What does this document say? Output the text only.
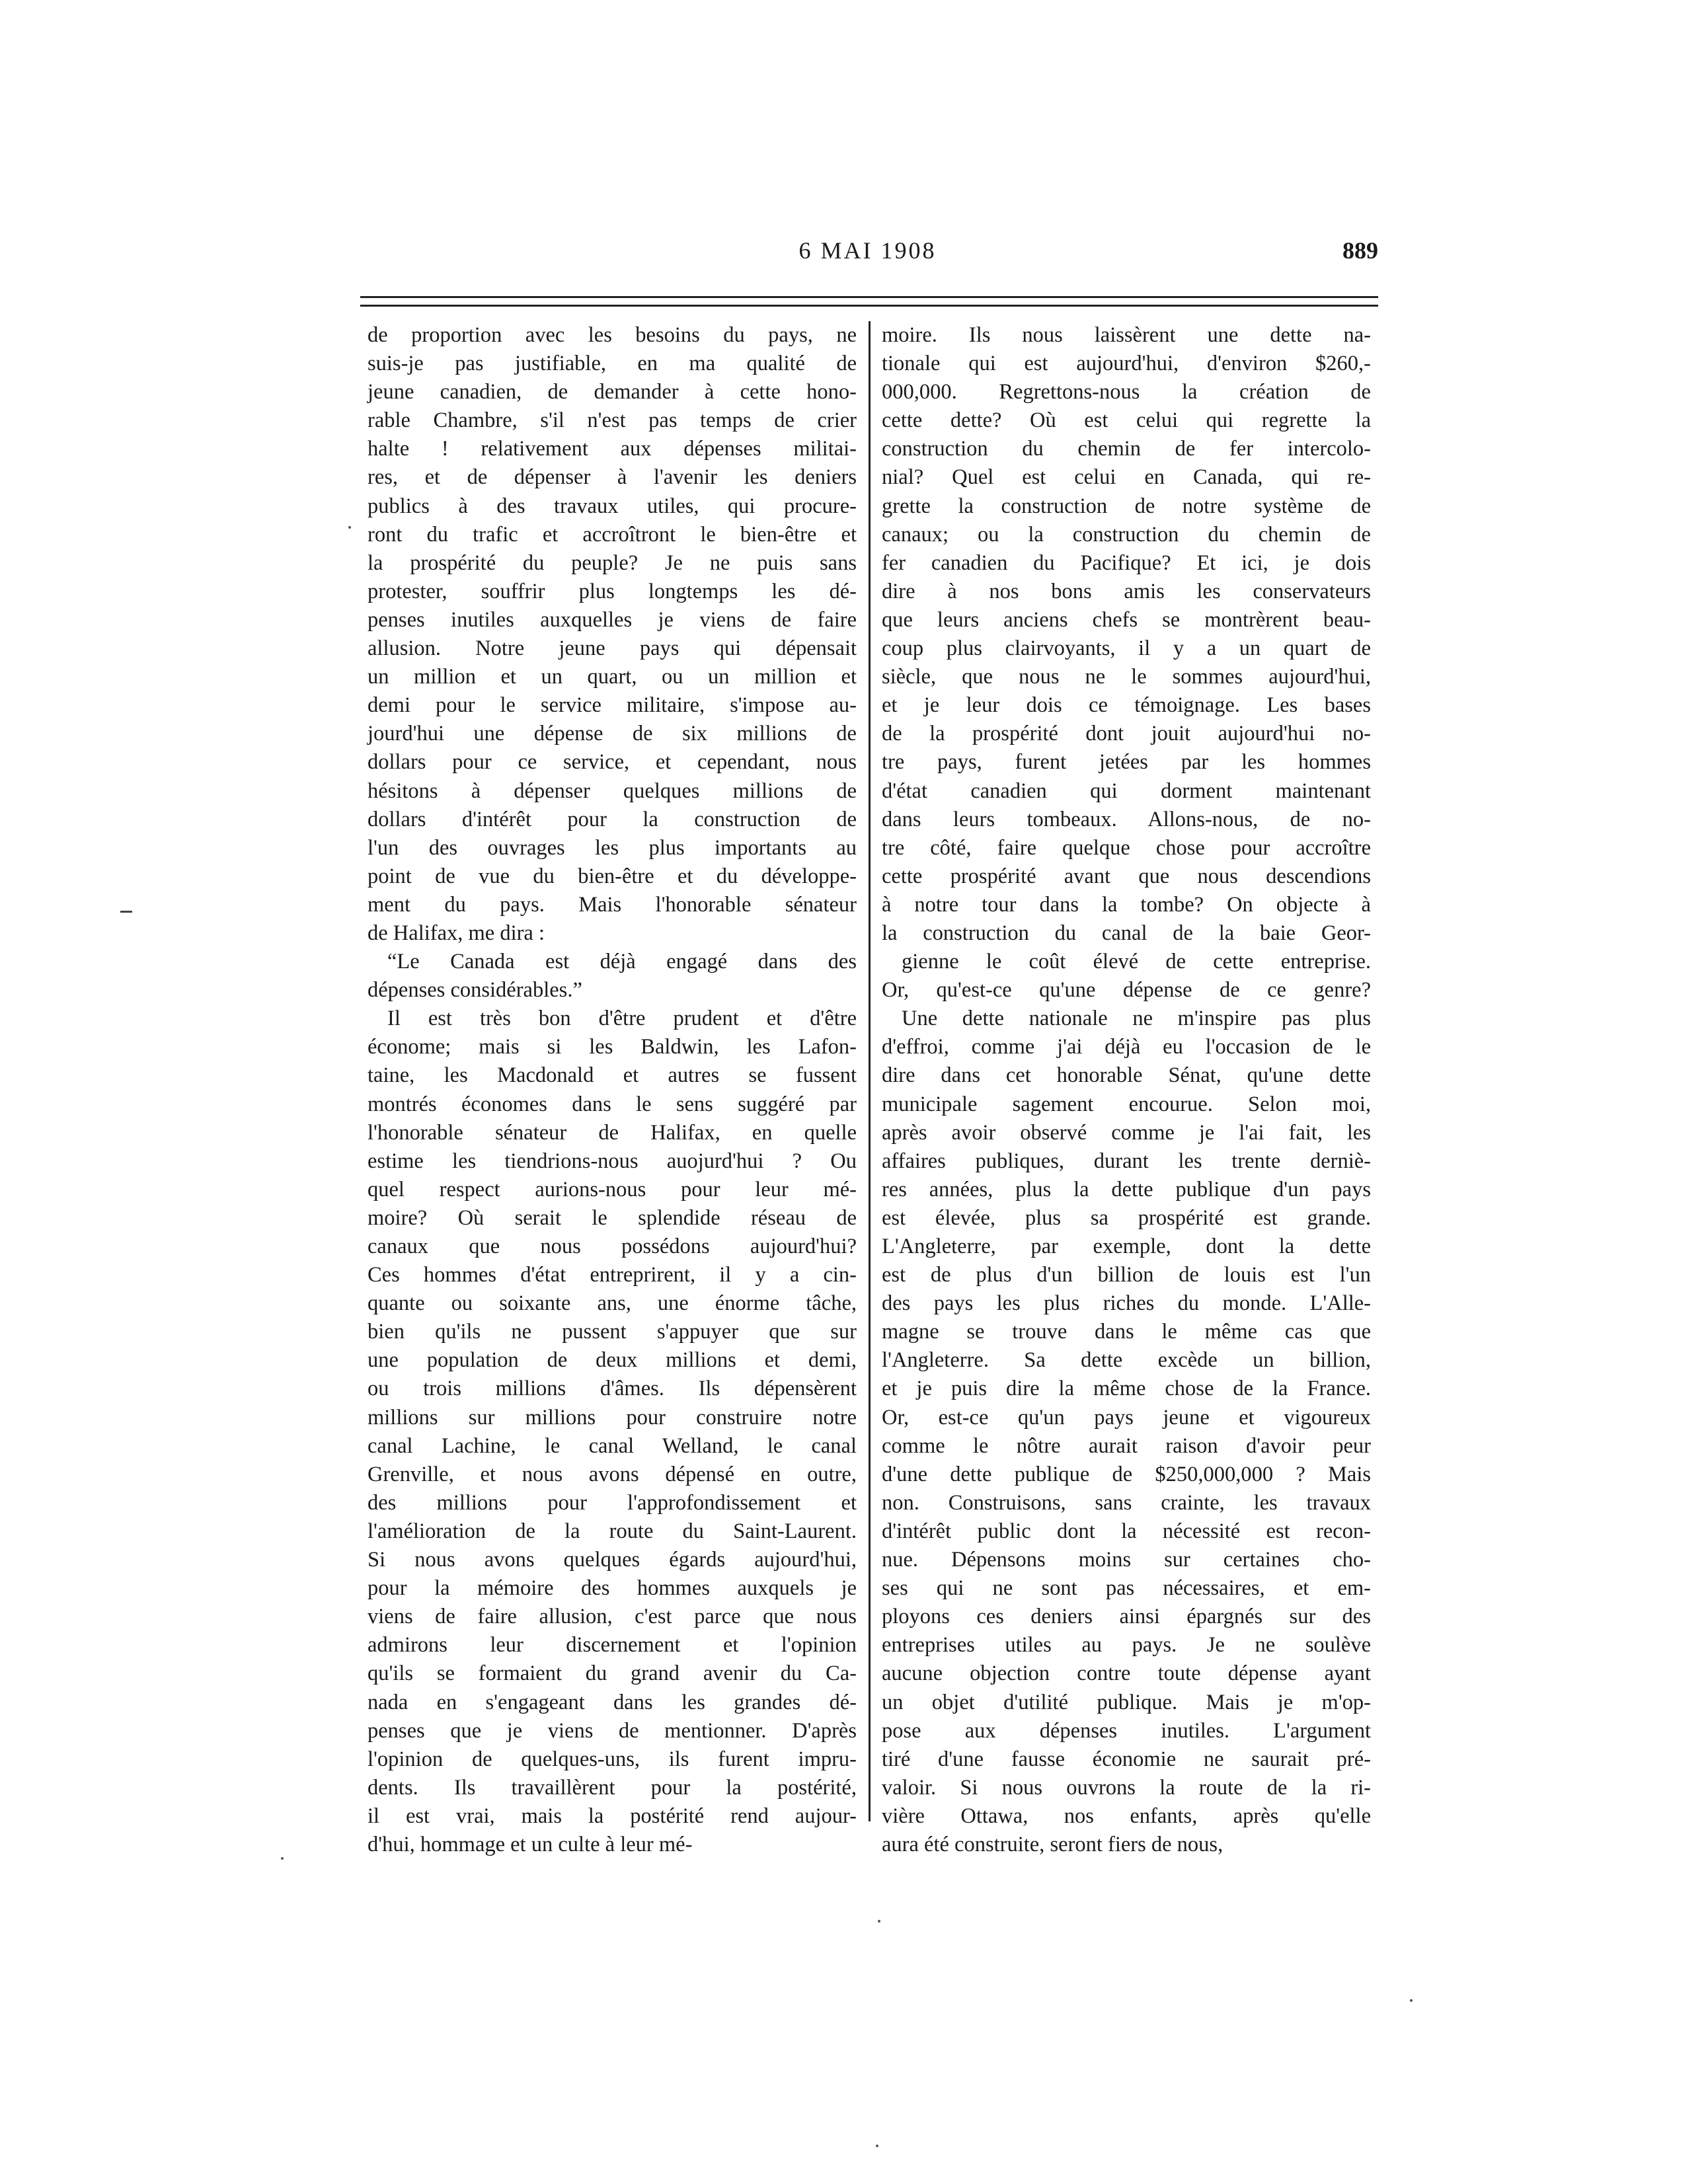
6 MAI 1908	889
de proportion avec les besoins du pays, ne
suis-je pas justifiable, en ma qualité de
jeune canadien, de demander à cette hono-
rable Chambre, s'il n'est pas temps de crier
halte ! relativement aux dépenses militai-
res, et de dépenser à l'avenir les deniers
publics à des travaux utiles, qui procure-
ront du trafic et accroîtront le bien-être et
la prospérité du peuple? Je ne puis sans
protester, souffrir plus longtemps les dé-
penses inutiles auxquelles je viens de faire
allusion. Notre jeune pays qui dépensait
un million et un quart, ou un million et
demi pour le service militaire, s'impose au-
jourd'hui une dépense de six millions de
dollars pour ce service, et cependant, nous
hésitons à dépenser quelques millions de
dollars d'intérêt pour la construction de
l'un des ouvrages les plus importants au
point de vue du bien-être et du développe-
ment du pays. Mais l'honorable sénateur
de Halifax, me dira :
“Le Canada est déjà engagé dans des
dépenses considérables.”
Il est très bon d'être prudent et d'être
économe; mais si les Baldwin, les Lafon-
taine, les Macdonald et autres se fussent
montrés économes dans le sens suggéré par
l'honorable sénateur de Halifax, en quelle
estime les tiendrions-nous auojurd'hui ? Ou
quel respect aurions-nous pour leur mé-
moire? Où serait le splendide réseau de
canaux que nous possédons aujourd'hui?
Ces hommes d'état entreprirent, il y a cin-
quante ou soixante ans, une énorme tâche,
bien qu'ils ne pussent s'appuyer que sur
une population de deux millions et demi,
ou trois millions d'âmes. Ils dépensèrent
millions sur millions pour construire notre
canal Lachine, le canal Welland, le canal
Grenville, et nous avons dépensé en outre,
des millions pour l'approfondissement et
l'amélioration de la route du Saint-Laurent.
Si nous avons quelques égards aujourd'hui,
pour la mémoire des hommes auxquels je
viens de faire allusion, c'est parce que nous
admirons leur discernement et l'opinion
qu'ils se formaient du grand avenir du Ca-
nada en s'engageant dans les grandes dé-
penses que je viens de mentionner. D'après
l'opinion de quelques-uns, ils furent impru-
dents. Ils travaillèrent pour la postérité,
il est vrai, mais la postérité rend aujour-
d'hui, hommage et un culte à leur mé-
moire. Ils nous laissèrent une dette na-
tionale qui est aujourd'hui, d'environ $260,-
000,000. Regrettons-nous la création de
cette dette? Où est celui qui regrette la
construction du chemin de fer intercolo-
nial? Quel est celui en Canada, qui re-
grette la construction de notre système de
canaux; ou la construction du chemin de
fer canadien du Pacifique? Et ici, je dois
dire à nos bons amis les conservateurs
que leurs anciens chefs se montrèrent beau-
coup plus clairvoyants, il y a un quart de
siècle, que nous ne le sommes aujourd'hui,
et je leur dois ce témoignage. Les bases
de la prospérité dont jouit aujourd'hui no-
tre pays, furent jetées par les hommes
d'état canadien qui dorment maintenant
dans leurs tombeaux. Allons-nous, de no-
tre côté, faire quelque chose pour accroître
cette prospérité avant que nous descendions
à notre tour dans la tombe? On objecte à
la construction du canal de la baie Geor-
gienne le coût élevé de cette entreprise.
Or, qu'est-ce qu'une dépense de ce genre?
Une dette nationale ne m'inspire pas plus
d'effroi, comme j'ai déjà eu l'occasion de le
dire dans cet honorable Sénat, qu'une dette
municipale sagement encourue. Selon moi,
après avoir observé comme je l'ai fait, les
affaires publiques, durant les trente derniè-
res années, plus la dette publique d'un pays
est élevée, plus sa prospérité est grande.
L'Angleterre, par exemple, dont la dette
est de plus d'un billion de louis est l'un
des pays les plus riches du monde. L'Alle-
magne se trouve dans le même cas que
l'Angleterre. Sa dette excède un billion,
et je puis dire la même chose de la France.
Or, est-ce qu'un pays jeune et vigoureux
comme le nôtre aurait raison d'avoir peur
d'une dette publique de $250,000,000 ? Mais
non. Construisons, sans crainte, les travaux
d'intérêt public dont la nécessité est recon-
nue. Dépensons moins sur certaines cho-
ses qui ne sont pas nécessaires, et em-
ployons ces deniers ainsi épargnés sur des
entreprises utiles au pays. Je ne soulève
aucune objection contre toute dépense ayant
un objet d'utilité publique. Mais je m'op-
pose aux dépenses inutiles. L'argument
tiré d'une fausse économie ne saurait pré-
valoir. Si nous ouvrons la route de la ri-
vière Ottawa, nos enfants, après qu'elle
aura été construite, seront fiers de nous,
